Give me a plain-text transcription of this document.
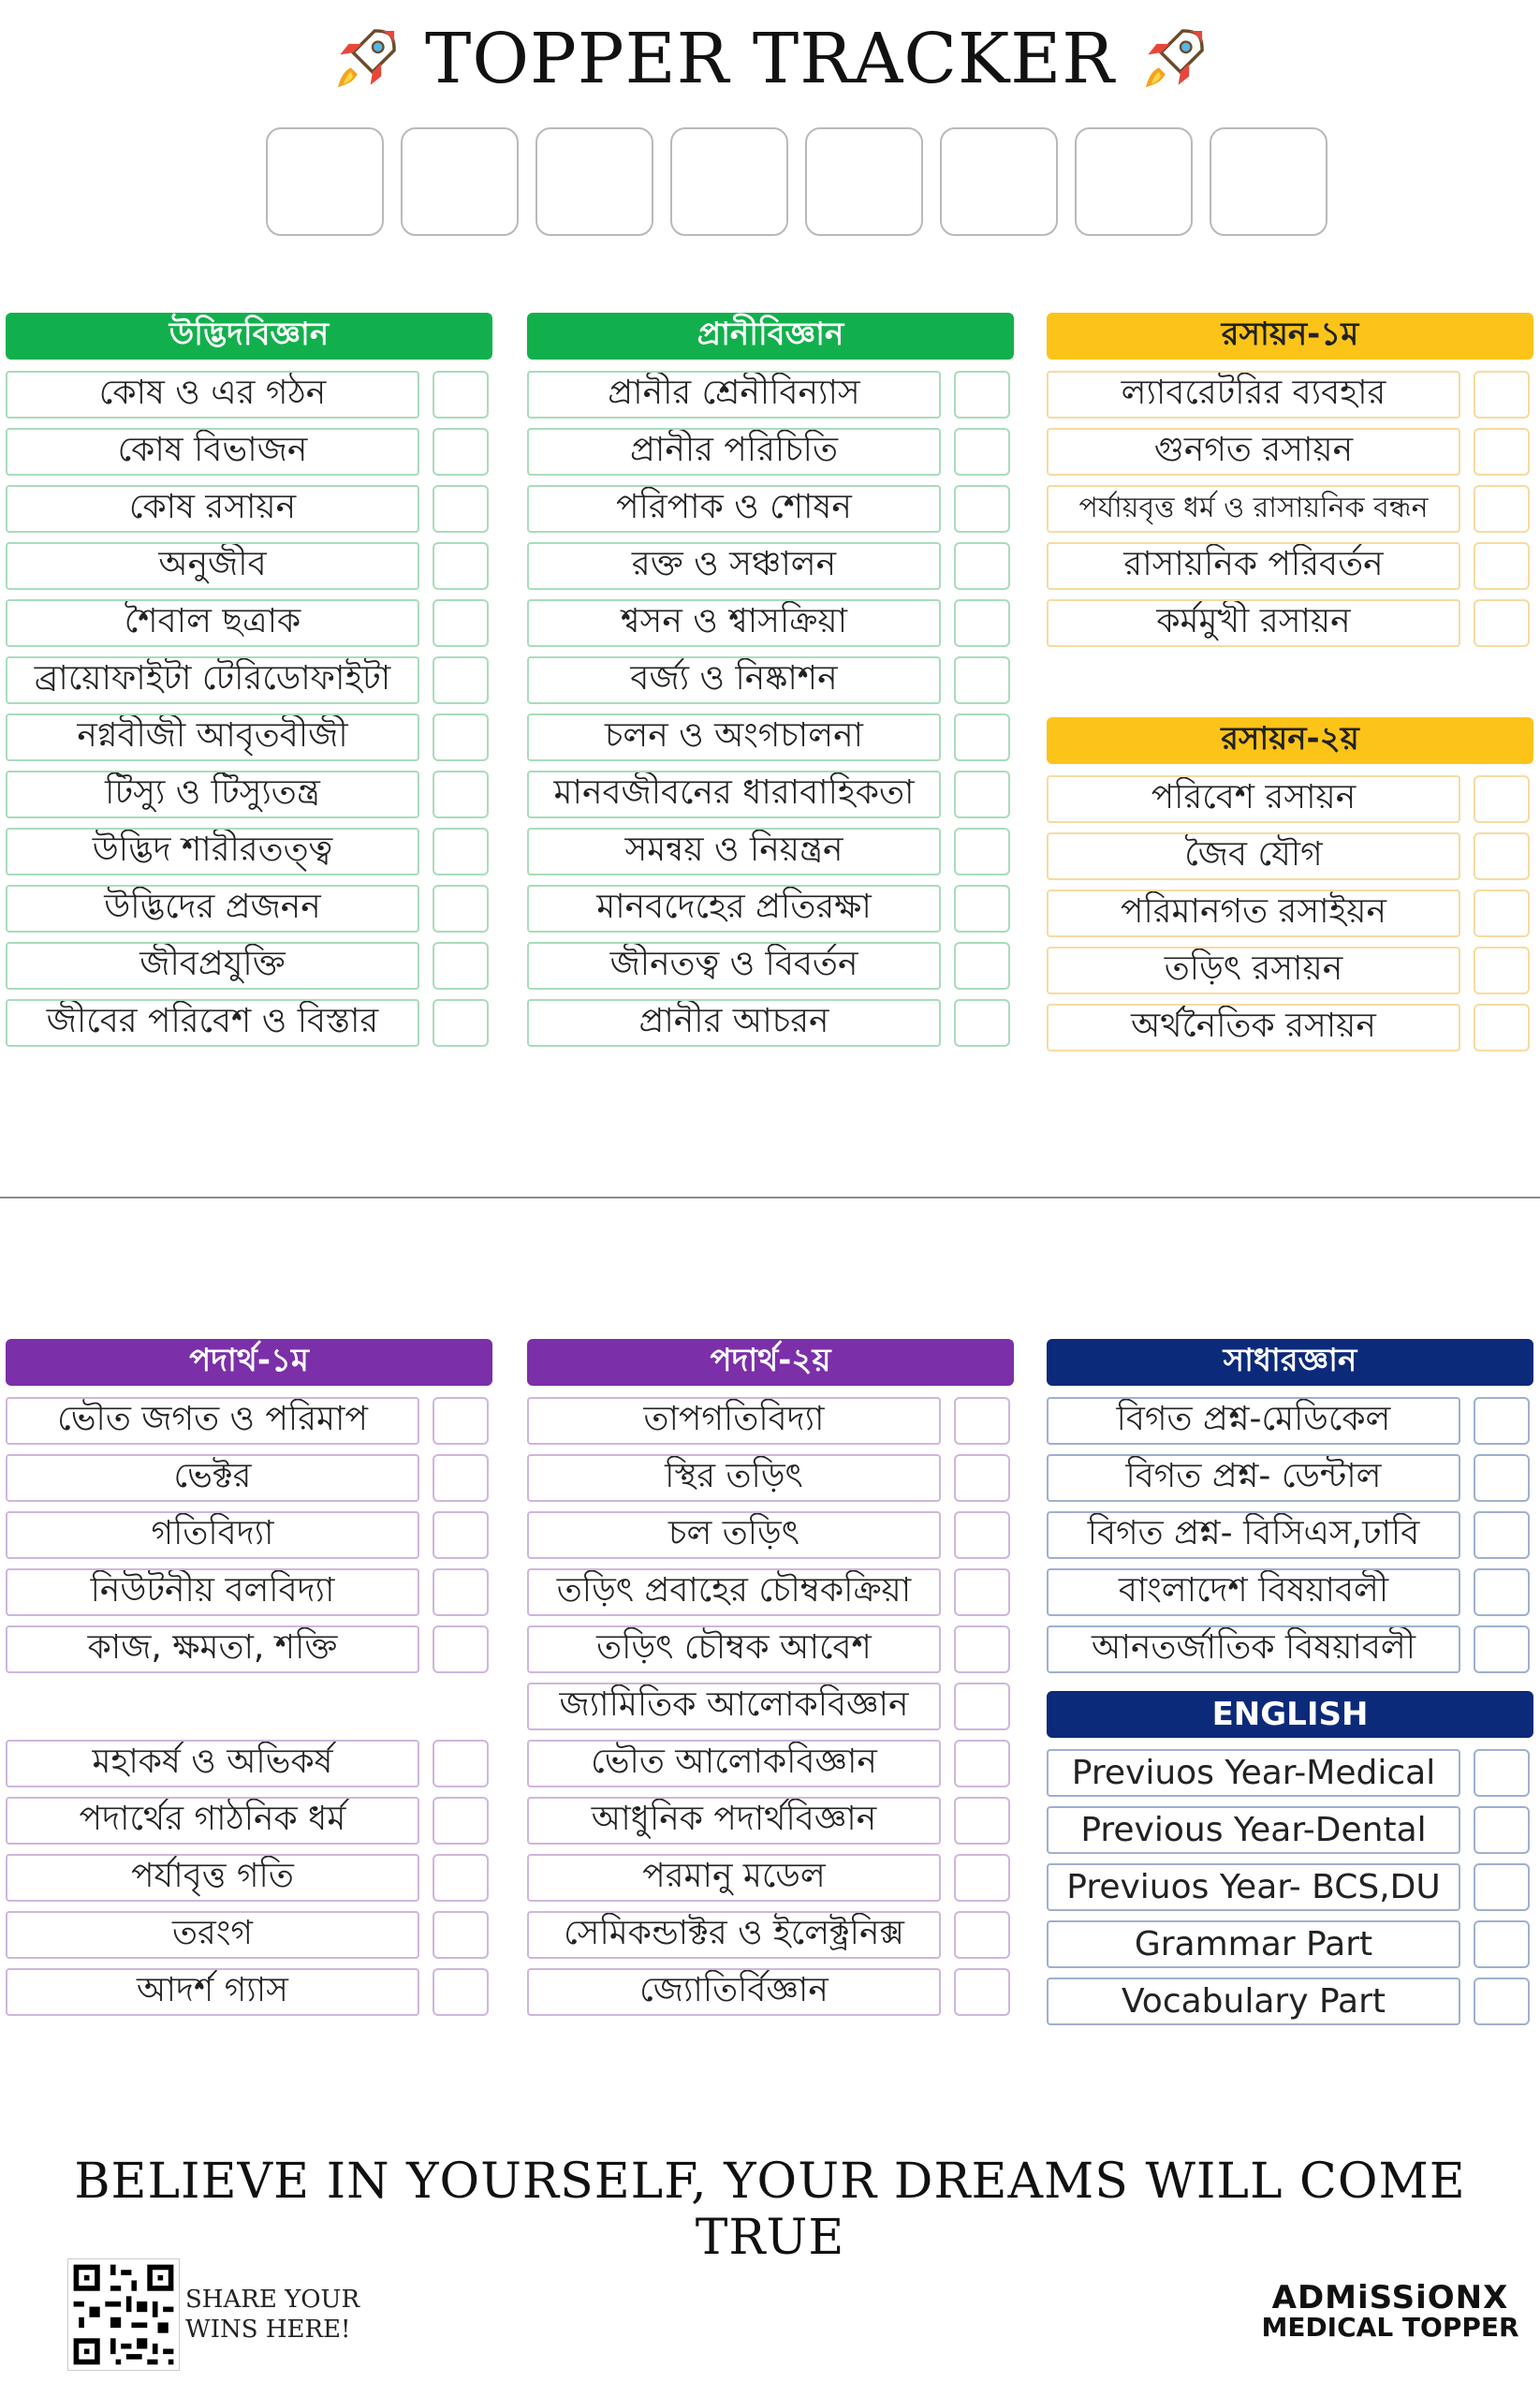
TOPPER TRACKER
উদ্ভিদবিজ্ঞান
কোষ ও এর গঠন
কোষ বিভাজন
কোষ রসায়ন
অনুজীব
শৈবাল ছত্রাক
ব্রায়োফাইটা টেরিডোফাইটা
নগ্নবীজী আবৃতবীজী
টিস্যু ও টিস্যুতন্ত্র
উদ্ভিদ শারীরতত্ত্ব
উদ্ভিদের প্রজনন
জীবপ্রযুক্তি
জীবের পরিবেশ ও বিস্তার
প্রানীবিজ্ঞান
প্রানীর শ্রেনীবিন্যাস
প্রানীর পরিচিতি
পরিপাক ও শোষন
রক্ত ও সঞ্চালন
শ্বসন ও শ্বাসক্রিয়া
বর্জ্য ও নিষ্কাশন
চলন ও অংগচালনা
মানবজীবনের ধারাবাহিকতা
সমন্বয় ও নিয়ন্ত্রন
মানবদেহের প্রতিরক্ষা
জীনতত্ব ও বিবর্তন
প্রানীর আচরন
রসায়ন-১ম
ল্যাবরেটরির ব্যবহার
গুনগত রসায়ন
পর্যায়বৃত্ত ধর্ম ও রাসায়নিক বন্ধন
রাসায়নিক পরিবর্তন
কর্মমুখী রসায়ন
রসায়ন-২য়
পরিবেশ রসায়ন
জৈব যৌগ
পরিমানগত রসাইয়ন
তড়িৎ রসায়ন
অর্থনৈতিক রসায়ন
পদার্থ-১ম
ভৌত জগত ও পরিমাপ
ভেক্টর
গতিবিদ্যা
নিউটনীয় বলবিদ্যা
কাজ, ক্ষমতা, শক্তি
মহাকর্ষ ও অভিকর্ষ
পদার্থের গাঠনিক ধর্ম
পর্যাবৃত্ত গতি
তরংগ
আদর্শ গ্যাস
পদার্থ-২য়
তাপগতিবিদ্যা
স্থির তড়িৎ
চল তড়িৎ
তড়িৎ প্রবাহের চৌম্বকক্রিয়া
তড়িৎ চৌম্বক আবেশ
জ্যামিতিক আলোকবিজ্ঞান
ভৌত আলোকবিজ্ঞান
আধুনিক পদার্থবিজ্ঞান
পরমানু মডেল
সেমিকন্ডাক্টর ও ইলেক্ট্রনিক্স
জ্যোতির্বিজ্ঞান
সাধারজ্ঞান
বিগত প্রশ্ন-মেডিকেল
বিগত প্রশ্ন- ডেন্টাল
বিগত প্রশ্ন- বিসিএস,ঢাবি
বাংলাদেশ বিষয়াবলী
আনতর্জাতিক বিষয়াবলী
ENGLISH
Previuos Year-Medical
Previous Year-Dental
Previuos Year- BCS,DU
Grammar Part
Vocabulary Part
BELIEVE IN YOURSELF, YOUR DREAMS WILL COME TRUE
SHARE YOUR
WINS HERE!
ADMiSSiONX
MEDICAL TOPPER
